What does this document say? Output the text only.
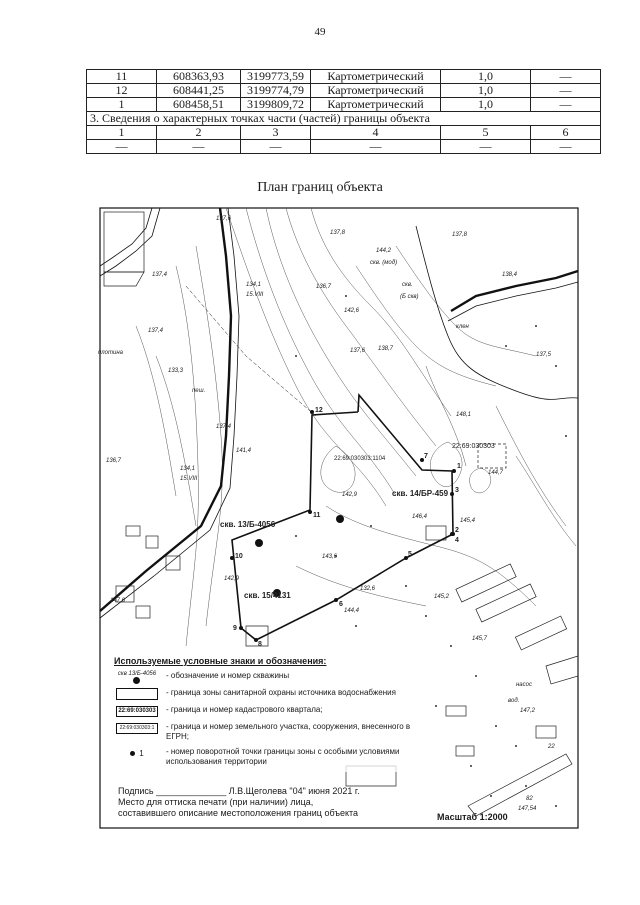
49
11	608363,93	3199773,59	Картометрический	1,0	—
12	608441,25	3199774,79	Картометрический	1,0	—
1	608458,51	3199809,72	Картометрический	1,0	—
3. Сведения о характерных точках части (частей) границы объекта					
1	2	3	4	5	6
—	—	—	—	—	—
План границ объекта
137,6
137,8	137,8
137,4
137,4
133,3
134,1
15.VIII
136,7
142,6
144,2
скв. (мод)
скв.
(Б скв)
138,7
137,6
138,4
клен
137,5
137,4
141,4
пеш.
плотина
136,7
134,1
15.VIII
148,1
144,7
145,4
142,9
146,4
143,6
142,9
145,2
144,4
145,7
147,6
147,2
насос
вод.
147,54
82
22
132,6
22:69:030303
22:69:030303:1104
скв. 13/Б-4056
скв. 14/БР-459
скв. 15/4131
1
2
3
4
5
6
7
8
9
10
11
12
Используемые условные знаки и обозначения:
скв 13/Б-4056 - обозначение и номер скважины
- граница зоны санитарной охраны источника водоснабжения
22:69:030303 - граница и номер кадастрового квартала;
22:69:030303:1	- граница и номер земельного участка, сооружения, внесенного в ЕГРН;
1	- номер поворотной точки границы зоны с особыми условиями использования территории
Подпись ______________ Л.В.Щеголева "04" июня 2021 г.
Место для оттиска печати (при наличии) лица,
составившего описание местоположения границ объекта	Масштаб 1:2000
